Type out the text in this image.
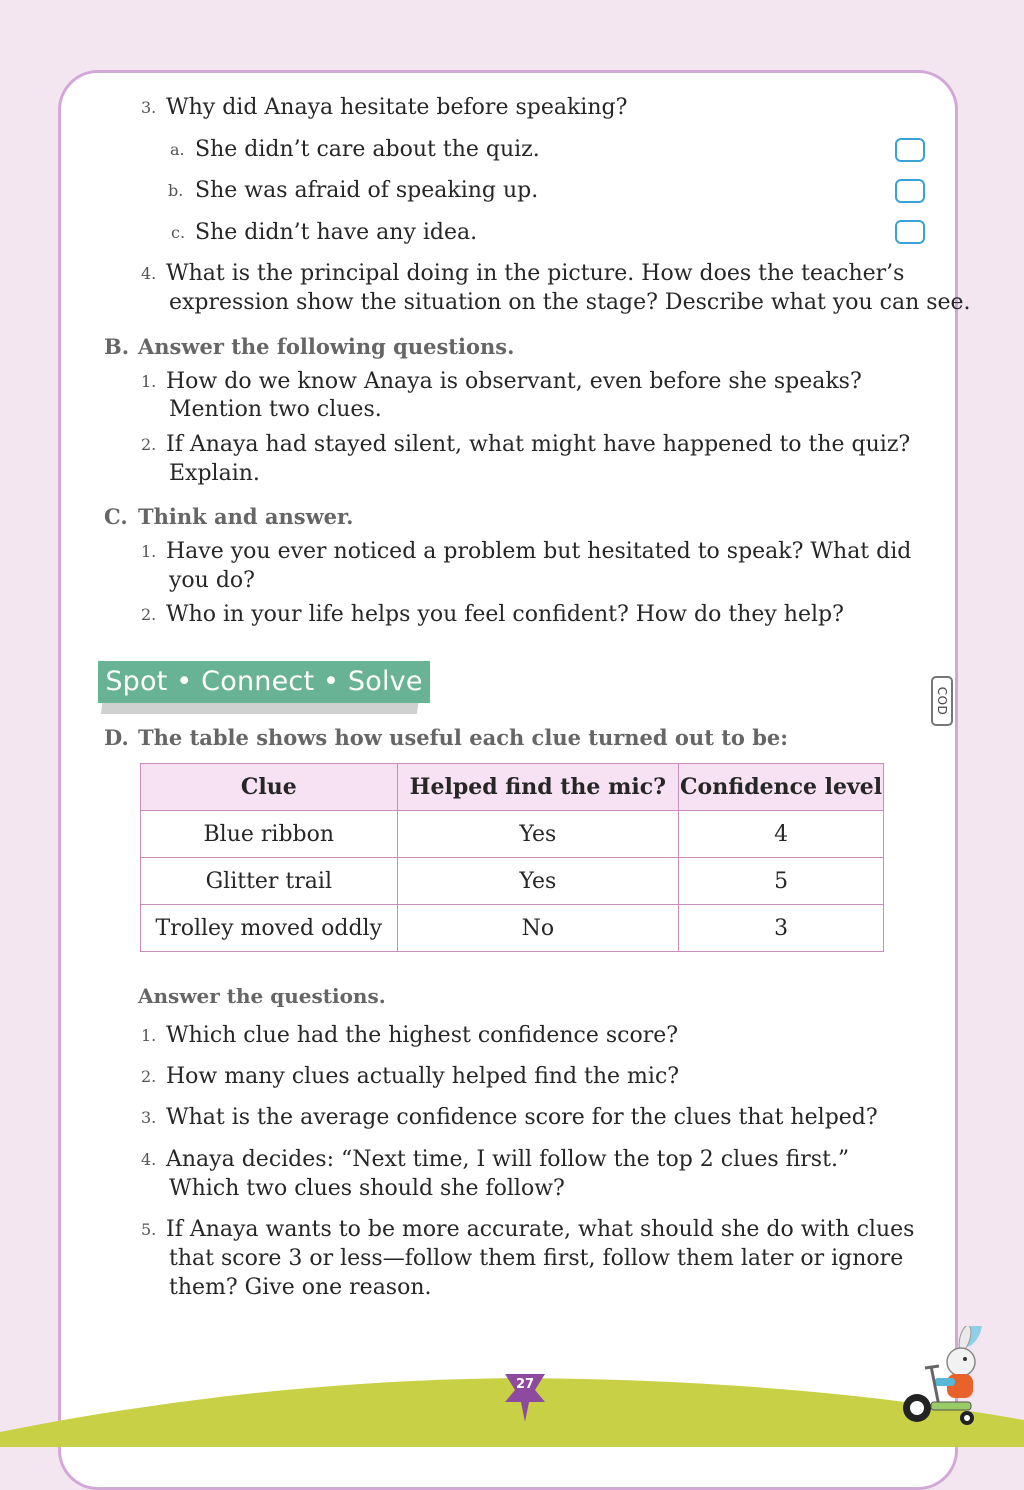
3. Why did Anaya hesitate before speaking?
a. She didn’t care about the quiz.
b. She was afraid of speaking up.
c. She didn’t have any idea.
4. What is the principal doing in the picture. How does the teacher’s
expression show the situation on the stage? Describe what you can see.
B. Answer the following questions.
1. How do we know Anaya is observant, even before she speaks?
Mention two clues.
2. If Anaya had stayed silent, what might have happened to the quiz?
Explain.
C. Think and answer.
1. Have you ever noticed a problem but hesitated to speak? What did
you do?
2. Who in your life helps you feel confident? How do they help?
Spot • Connect • Solve
COD
D. The table shows how useful each clue turned out to be:
Clue	Helped find the mic?	Confidence level
Blue ribbon	Yes	4
Glitter trail	Yes	5
Trolley moved oddly	No	3
Answer the questions.
1. Which clue had the highest confidence score?
2. How many clues actually helped find the mic?
3. What is the average confidence score for the clues that helped?
4. Anaya decides: “Next time, I will follow the top 2 clues first.”
Which two clues should she follow?
5. If Anaya wants to be more accurate, what should she do with clues
that score 3 or less—follow them first, follow them later or ignore
them? Give one reason.
27
